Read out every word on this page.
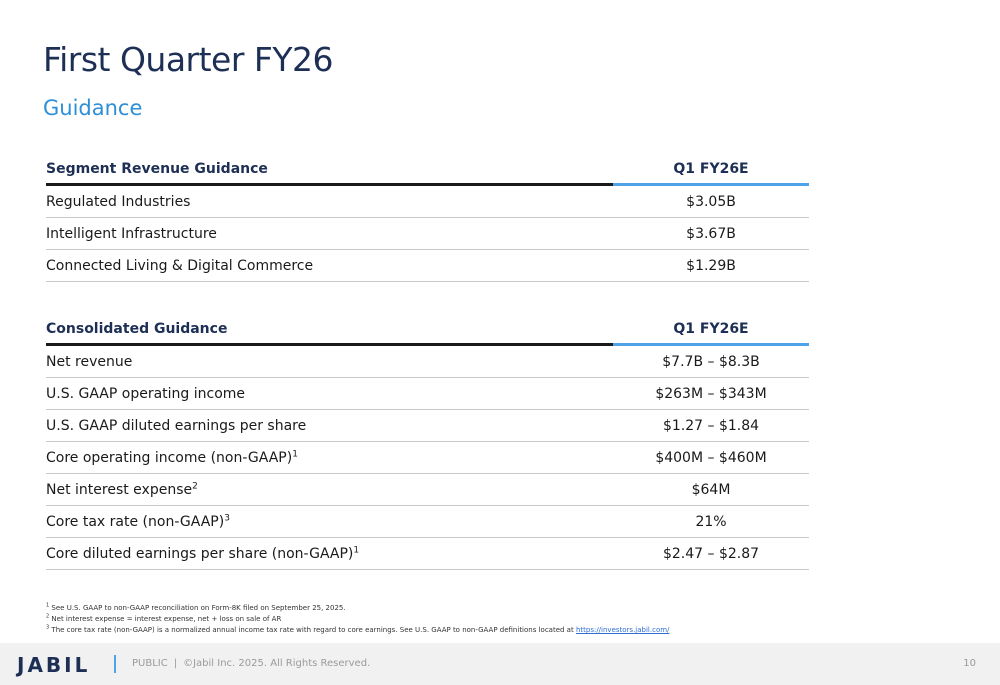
First Quarter FY26
Guidance
Segment Revenue Guidance	Q1 FY26E
Regulated Industries	$3.05B
Intelligent Infrastructure	$3.67B
Connected Living & Digital Commerce	$1.29B
Consolidated Guidance	Q1 FY26E
Net revenue	$7.7B – $8.3B
U.S. GAAP operating income	$263M – $343M
U.S. GAAP diluted earnings per share	$1.27 – $1.84
Core operating income (non-GAAP)$^1$	$400M – $460M
Net interest expense$^2$	$64M
Core tax rate (non-GAAP)$^3$	21%
Core diluted earnings per share (non-GAAP)$^1$	$2.47 – $2.87
$^1$ See U.S. GAAP to non-GAAP reconciliation on Form-8K filed on September 25, 2025.
$^2$ Net interest expense = interest expense, net + loss on sale of AR
$^3$ The core tax rate (non-GAAP) is a normalized annual income tax rate with regard to core earnings. See U.S. GAAP to non-GAAP definitions located at https://investors.jabil.com/
JABIL	PUBLIC | ©Jabil Inc. 2025. All Rights Reserved.	10
